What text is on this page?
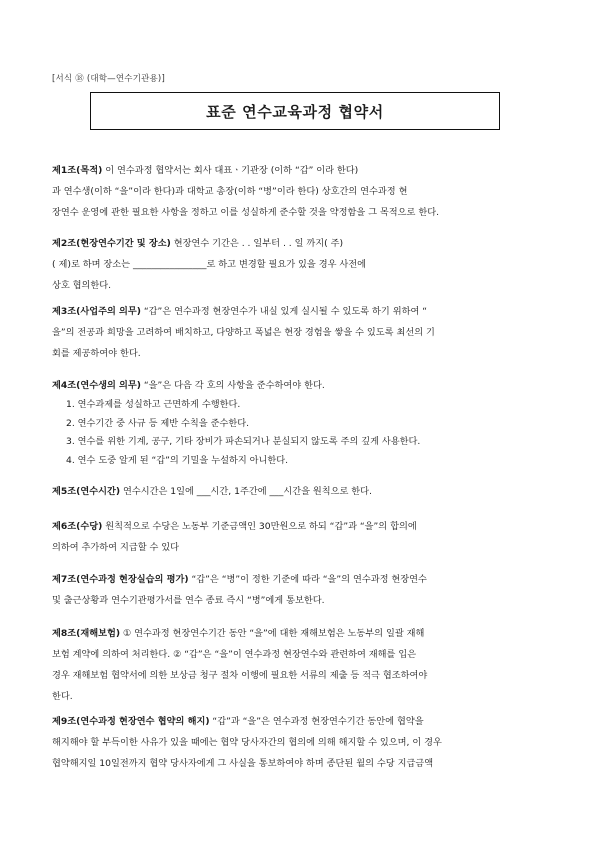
[서식 ⑱ (대학—연수기관용)]
표준 연수교육과정 협약서
제1조(목적) 이 연수과정 협약서는 회사 대표ㆍ기관장 (이하 “갑” 이라 한다)
과 연수생(이하 “을”이라 한다)과 대학교 총장(이하 “병”이라 한다) 상호간의 연수과정 현
장연수 운영에 관한 필요한 사항을 정하고 이를 성실하게 준수할 것을 약정함을 그 목적으로 한다.
제2조(현장연수기간 및 장소) 현장연수 기간은 . . 일부터 . . 일 까지( 주)
( 제)로 하며 장소는 ________________로 하고 변경할 필요가 있을 경우 사전에
상호 협의한다.
제3조(사업주의 의무) “갑”은 연수과정 현장연수가 내실 있게 실시될 수 있도록 하기 위하여 “
을”의 전공과 희망을 고려하여 배치하고, 다양하고 폭넓은 현장 경험을 쌓을 수 있도록 최선의 기
회를 제공하여야 한다.
제4조(연수생의 의무) “을”은 다음 각 호의 사항을 준수하여야 한다.
1. 연수과제를 성실하고 근면하게 수행한다.
2. 연수기간 중 사규 등 제반 수칙을 준수한다.
3. 연수를 위한 기계, 공구, 기타 장비가 파손되거나 분실되지 않도록 주의 깊게 사용한다.
4. 연수 도중 알게 된 “갑”의 기밀을 누설하지 아니한다.
제5조(연수시간) 연수시간은 1일에 ___시간, 1주간에 ___시간을 원칙으로 한다.
제6조(수당) 원칙적으로 수당은 노동부 기준금액인 30만원으로 하되 “갑”과 “을”의 합의에
의하여 추가하여 지급할 수 있다
제7조(연수과정 현장실습의 평가) “갑”은 “병”이 정한 기준에 따라 “을”의 연수과정 현장연수
및 출근상황과 연수기관평가서를 연수 종료 즉시 “병”에게 통보한다.
제8조(재해보험) ① 연수과정 현장연수기간 동안 “을”에 대한 재해보험은 노동부의 일괄 재해
보험 계약에 의하여 처리한다. ② “갑”은 “을”이 연수과정 현장연수와 관련하여 재해를 입은
경우 재해보험 협약서에 의한 보상금 청구 절차 이행에 필요한 서류의 제출 등 적극 협조하여야
한다.
제9조(연수과정 현장연수 협약의 해지) “갑”과 “을”은 연수과정 현장연수기간 동안에 협약을
해지해야 할 부득이한 사유가 있을 때에는 협약 당사자간의 협의에 의해 해지할 수 있으며, 이 경우
협약해지일 10일전까지 협약 당사자에게 그 사실을 통보하여야 하며 종단된 월의 수당 지급금액
